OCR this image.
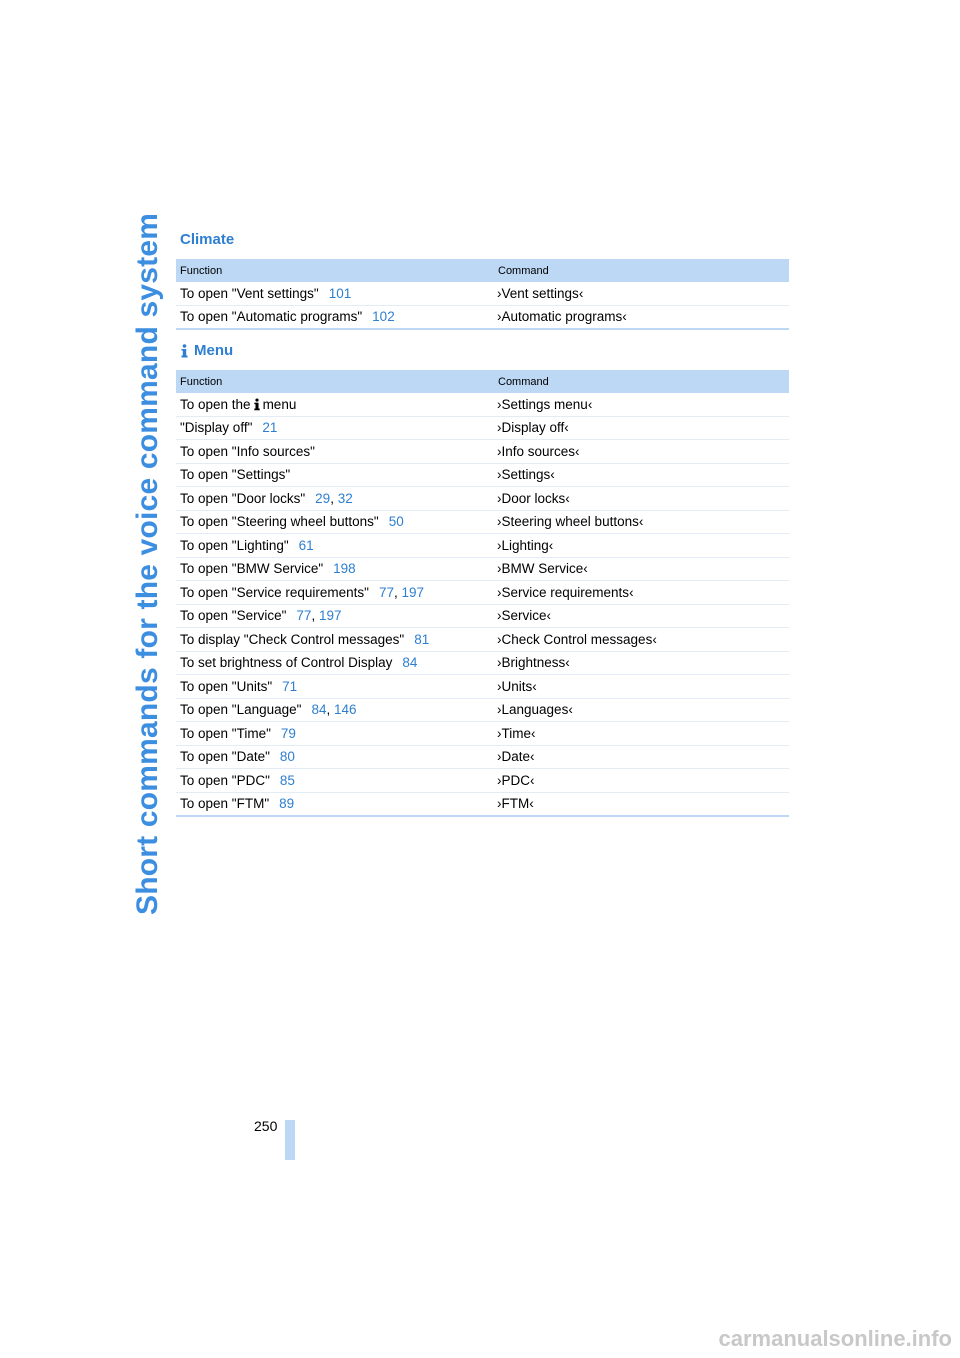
Short commands for the voice command system Climate
Function	Command
To open "Vent settings" 101	› Vent settings ‹
To open "Automatic programs" 102	› Automatic programs ‹
Menu
Function	Command
To open the menu	› Settings menu ‹
"Display off" 21	› Display off ‹
To open "Info sources"	› Info sources ‹
To open "Settings"	› Settings ‹
To open "Door locks" 29, 32	› Door locks ‹
To open "Steering wheel buttons" 50	› Steering wheel buttons ‹
To open "Lighting" 61	› Lighting ‹
To open "BMW Service" 198	› BMW Service ‹
To open "Service requirements" 77, 197	› Service requirements ‹
To open "Service" 77, 197	› Service ‹
To display "Check Control messages" 81	› Check Control messages ‹
To set brightness of Control Display 84	› Brightness ‹
To open "Units" 71	› Units ‹
To open "Language" 84, 146	› Languages ‹
To open "Time" 79	› Time ‹
To open "Date" 80	› Date ‹
To open "PDC" 85	› PDC ‹
To open "FTM" 89	› FTM ‹
250
carmanualsonline.info
